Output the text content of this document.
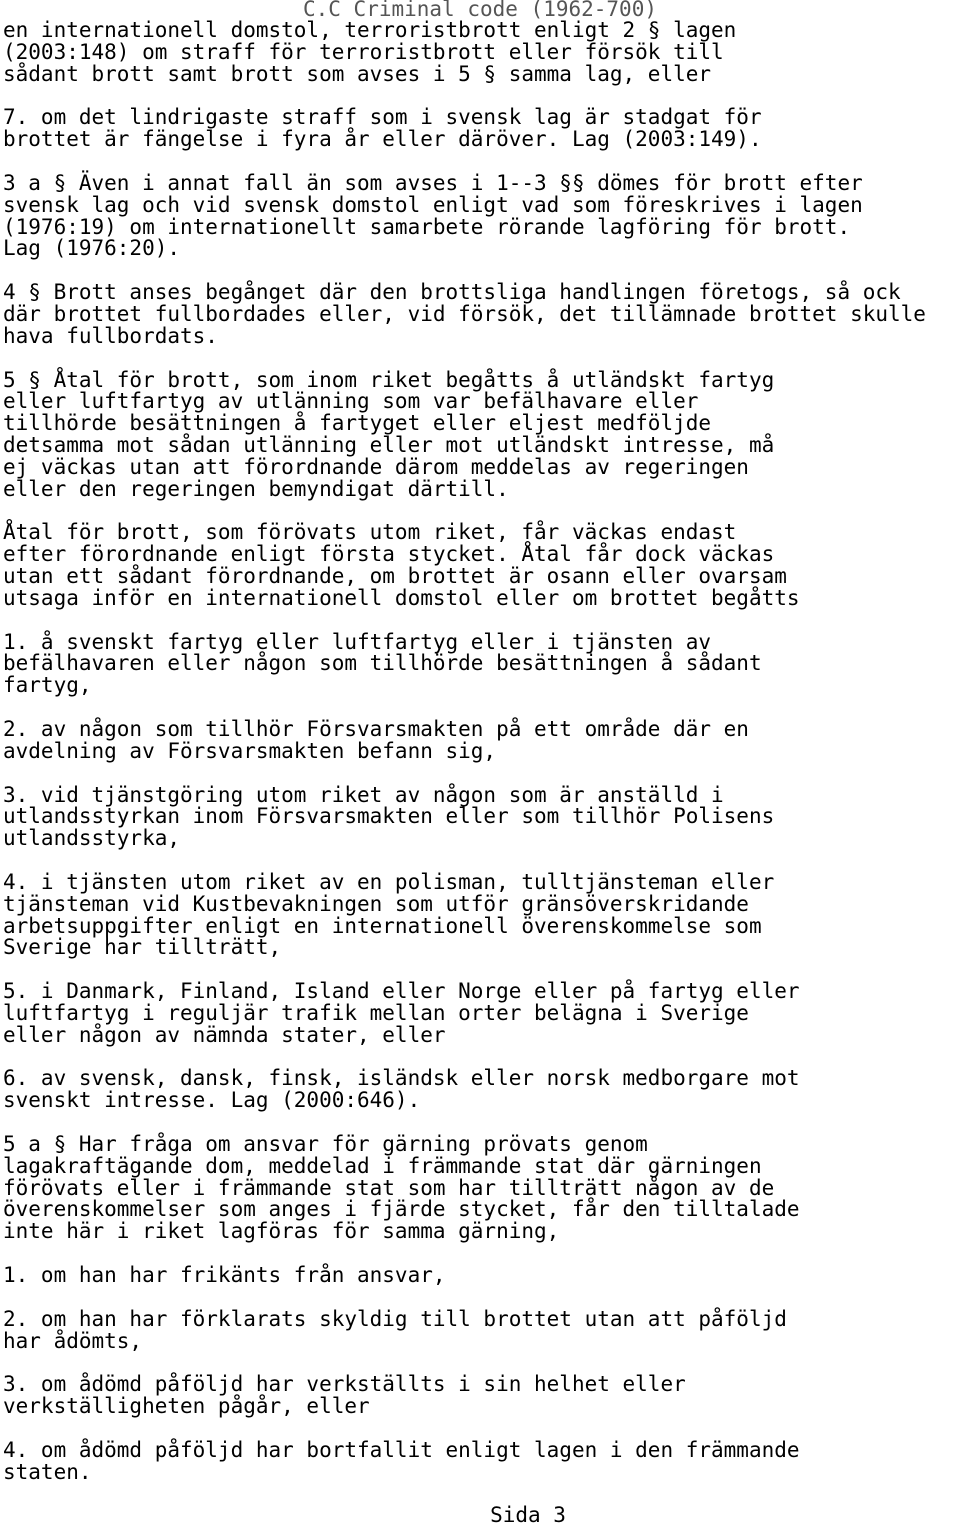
C.C Criminal code (1962-700)
en internationell domstol, terroristbrott enligt 2 § lagen
(2003:148) om straff för terroristbrott eller försök till
sådant brott samt brott som avses i 5 § samma lag, eller
7. om det lindrigaste straff som i svensk lag är stadgat för
brottet är fängelse i fyra år eller däröver. Lag (2003:149).
3 a § Även i annat fall än som avses i 1--3 §§ dömes för brott efter
svensk lag och vid svensk domstol enligt vad som föreskrives i lagen
(1976:19) om internationellt samarbete rörande lagföring för brott.
Lag (1976:20).
4 § Brott anses begånget där den brottsliga handlingen företogs, så ock
där brottet fullbordades eller, vid försök, det tillämnade brottet skulle
hava fullbordats.
5 § Åtal för brott, som inom riket begåtts å utländskt fartyg
eller luftfartyg av utlänning som var befälhavare eller
tillhörde besättningen å fartyget eller eljest medföljde
detsamma mot sådan utlänning eller mot utländskt intresse, må
ej väckas utan att förordnande därom meddelas av regeringen
eller den regeringen bemyndigat därtill.
Åtal för brott, som förövats utom riket, får väckas endast
efter förordnande enligt första stycket. Åtal får dock väckas
utan ett sådant förordnande, om brottet är osann eller ovarsam
utsaga inför en internationell domstol eller om brottet begåtts
1. å svenskt fartyg eller luftfartyg eller i tjänsten av
befälhavaren eller någon som tillhörde besättningen å sådant
fartyg,
2. av någon som tillhör Försvarsmakten på ett område där en
avdelning av Försvarsmakten befann sig,
3. vid tjänstgöring utom riket av någon som är anställd i
utlandsstyrkan inom Försvarsmakten eller som tillhör Polisens
utlandsstyrka,
4. i tjänsten utom riket av en polisman, tulltjänsteman eller
tjänsteman vid Kustbevakningen som utför gränsöverskridande
arbetsuppgifter enligt en internationell överenskommelse som
Sverige har tillträtt,
5. i Danmark, Finland, Island eller Norge eller på fartyg eller
luftfartyg i reguljär trafik mellan orter belägna i Sverige
eller någon av nämnda stater, eller
6. av svensk, dansk, finsk, isländsk eller norsk medborgare mot
svenskt intresse. Lag (2000:646).
5 a § Har fråga om ansvar för gärning prövats genom
lagakraftägande dom, meddelad i främmande stat där gärningen
förövats eller i främmande stat som har tillträtt någon av de
överenskommelser som anges i fjärde stycket, får den tilltalade
inte här i riket lagföras för samma gärning,
1. om han har frikänts från ansvar,
2. om han har förklarats skyldig till brottet utan att påföljd
har ådömts,
3. om ådömd påföljd har verkställts i sin helhet eller
verkställigheten pågår, eller
4. om ådömd påföljd har bortfallit enligt lagen i den främmande
staten.
Sida 3
